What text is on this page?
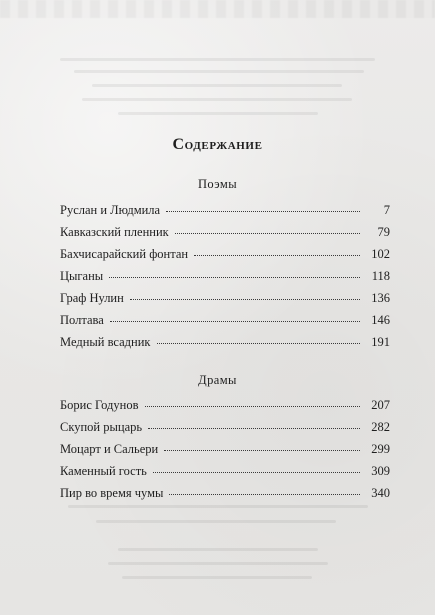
Содержание
Поэмы
Руслан и Людмила	7
Кавказский пленник	79
Бахчисарайский фонтан	102
Цыганы	118
Граф Нулин	136
Полтава	146
Медный всадник	191
Драмы
Борис Годунов	207
Скупой рыцарь	282
Моцарт и Сальери	299
Каменный гость	309
Пир во время чумы	340
